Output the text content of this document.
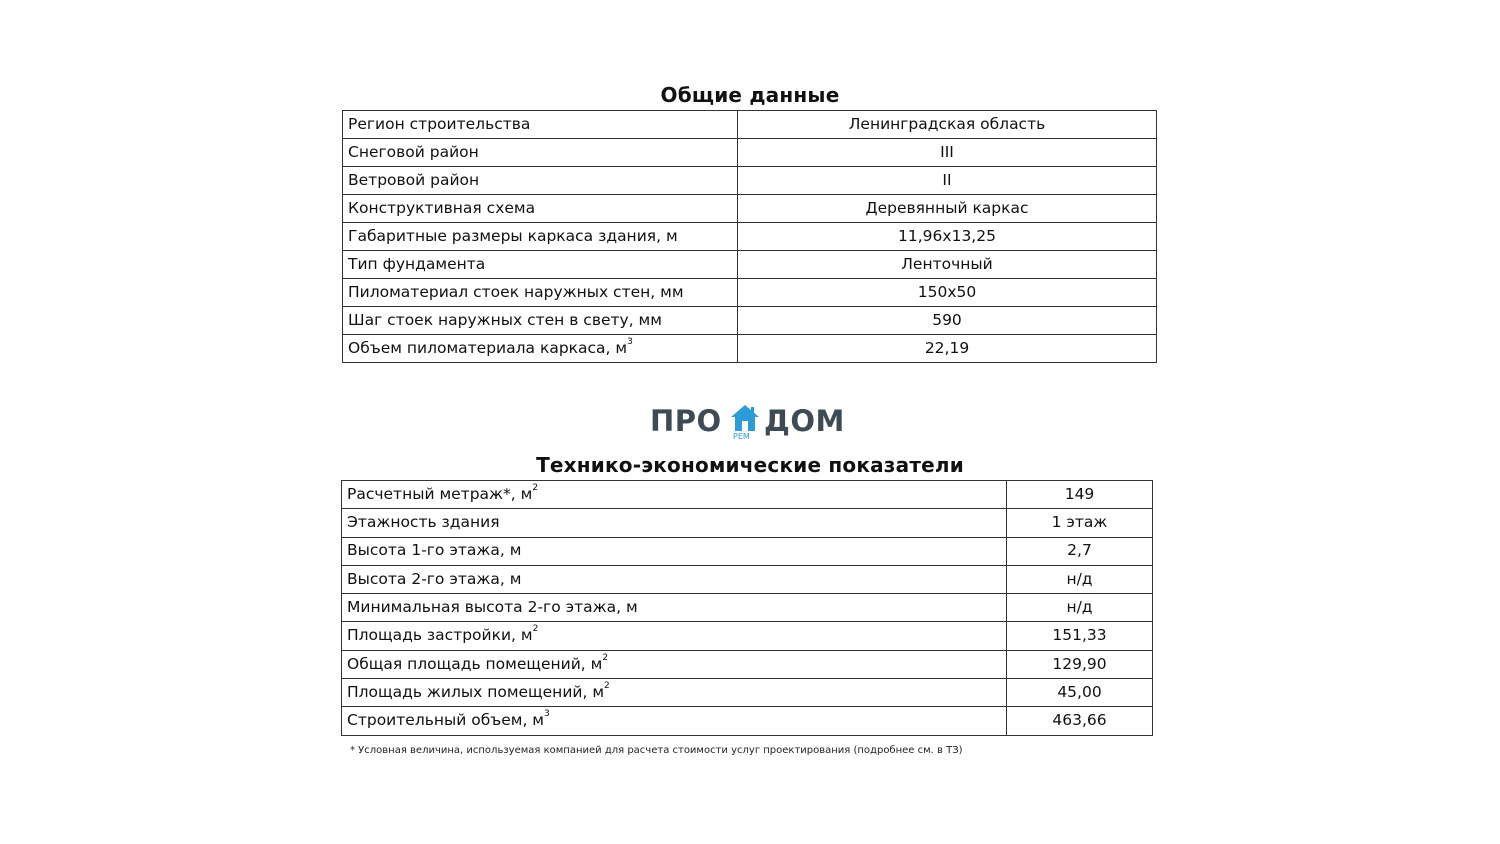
Общие данные
Регион строительства	Ленинградская область
Снеговой район	III
Ветровой район	II
Конструктивная схема	Деревянный каркас
Габаритные размеры каркаса здания, м	11,96х13,25
Тип фундамента	Ленточный
Пиломатериал стоек наружных стен, мм	150х50
Шаг стоек наружных стен в свету, мм	590
Объем пиломатериала каркаса, $м^3$	22,19
ПРО РЕМ ДОМ
Технико-экономические показатели
Расчетный метраж*, $м^2$	149
Этажность здания	1 этаж
Высота 1-го этажа, м	2,7
Высота 2-го этажа, м	н/д
Минимальная высота 2-го этажа, м	н/д
Площадь застройки, $м^2$	151,33
Общая площадь помещений, $м^2$	129,90
Площадь жилых помещений, $м^2$	45,00
Строительный объем, $м^3$	463,66
* Условная величина, используемая компанией для расчета стоимости услуг проектирования (подробнее см. в ТЗ)
